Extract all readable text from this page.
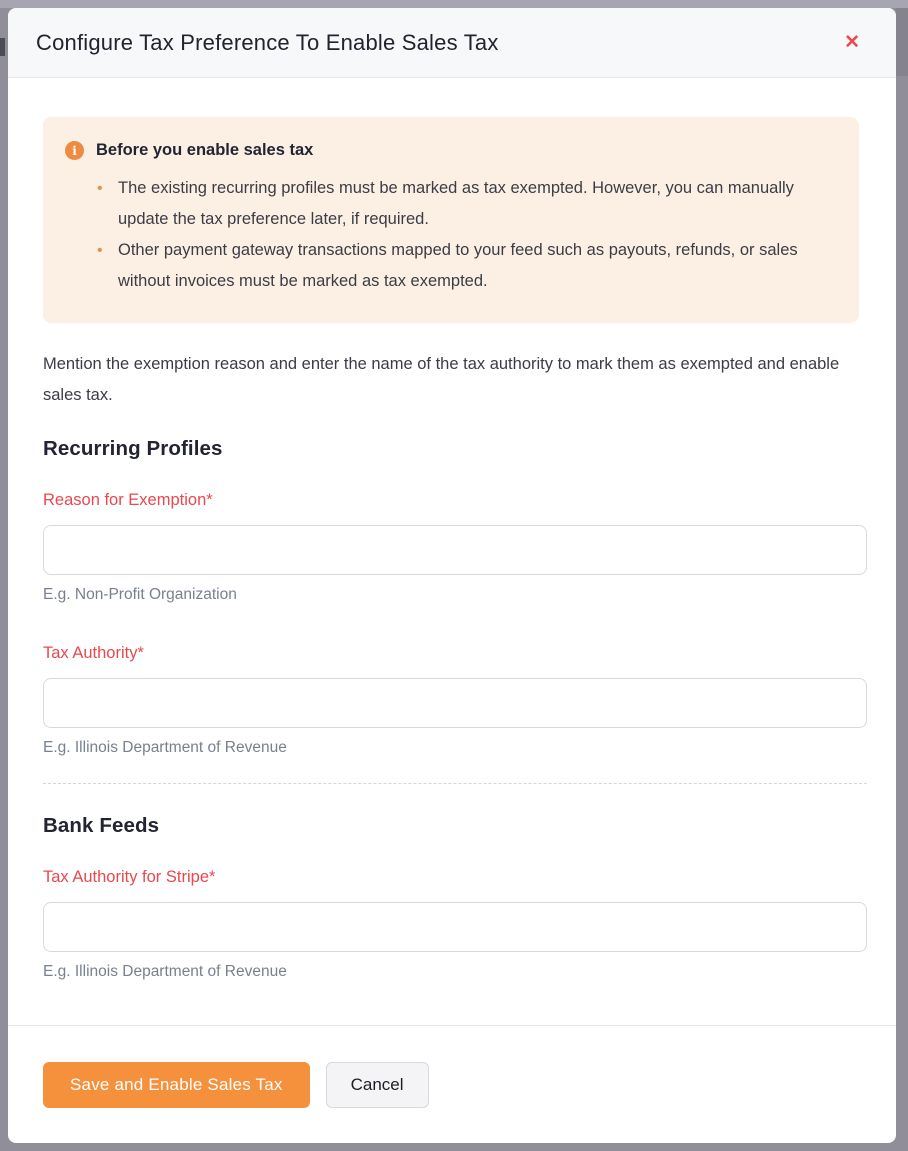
Configure Tax Preference To Enable Sales Tax	✕
i	Before you enable sales tax
• The existing recurring profiles must be marked as tax exempted. However, you can manually update the tax preference later, if required.
• Other payment gateway transactions mapped to your feed such as payouts, refunds, or sales without invoices must be marked as tax exempted.

Mention the exemption reason and enter the name of the tax authority to mark them as exempted and enable sales tax.

Recurring Profiles
Reason for Exemption*
E.g. Non-Profit Organization
Tax Authority*
E.g. Illinois Department of Revenue
Bank Feeds
Tax Authority for Stripe*
E.g. Illinois Department of Revenue
Save and Enable Sales Tax	Cancel
